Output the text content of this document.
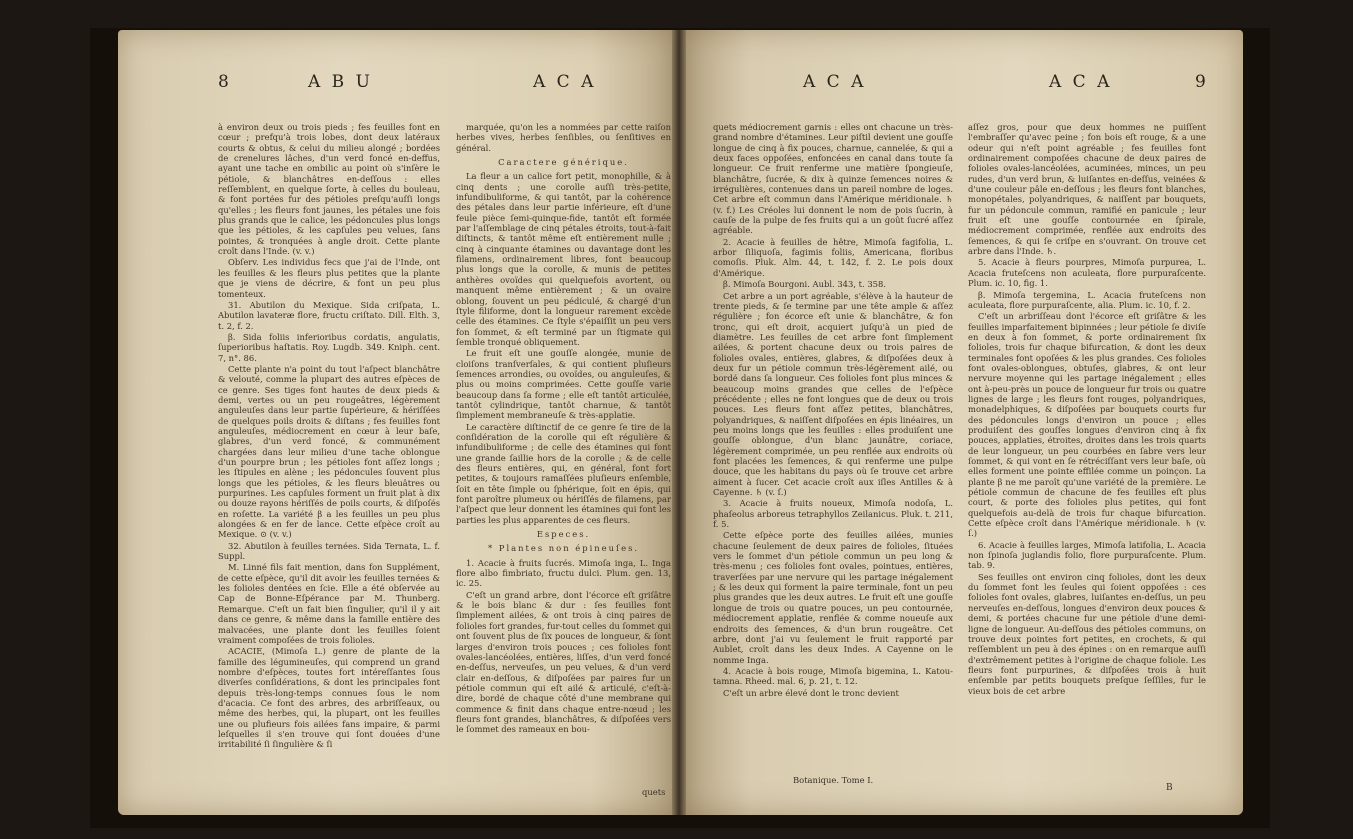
8	A B U	A C A

à environ deux ou trois pieds ; fes feuilles font en cœur ; prefqu'à trois lobes, dont deux latéraux courts & obtus, & celui du milieu alongé ; bordées de crenelures lâches, d'un verd foncé en-deffus, ayant une tache en ombilic au point où s'inſère le pétiole, & blanchâtres en-deſſous : elles reſſemblent, en quelque ſorte, à celles du bouleau, & font portées fur des pétioles preſqu'auſſi longs qu'elles ; les fleurs font jaunes, les pétales une fois plus grands que le calice, les pédoncules plus longs que les pétioles, & les capſules peu velues, ſans pointes, & tronquées à angle droit. Cette plante croît dans l'Inde. (v. v.)

Obſerv. Les individus fecs que j'ai de l'Inde, ont les feuilles & les fleurs plus petites que la plante que je viens de décrire, & font un peu plus tomenteux.

31. Abutilon du Mexique. Sida criſpata, L. Abutilon lavateræ flore, fructu criſtato. Dill. Elth. 3, t. 2, f. 2.

β. Sida foliis inferioribus cordatis, angulatis, ſuperioribus haſtatis. Roy. Lugdb. 349. Kniph. cent. 7, n°. 86.

Cette plante n'a point du tout l'aſpect blanchâtre & velouté, comme la plupart des autres eſpèces de ce genre. Ses tiges font hautes de deux pieds & demi, vertes ou un peu rougeâtres, légèrement anguleuſes dans leur partie ſupérieure, & hériſſées de quelques poils droits & diſtans ; fes feuilles font anguleuſes, médiocrement en cœur à leur baſe, glabres, d'un verd foncé, & communément chargées dans leur milieu d'une tache oblongue d'un pourpre brun ; les pétioles font aſſez longs ; les ſtipules en alène ; les pédoncules ſouvent plus longs que les pétioles, & les fleurs bleuâtres ou purpurines. Les capſules forment un fruit plat à dix ou douze rayons hériſſés de poils courts, & diſpoſés en roſette. La variété β a les feuilles un peu plus alongées & en fer de lance. Cette eſpèce croît au Mexique. ⊙ (v. v.)

32. Abutilon à feuilles ternées. Sida Ternata, L. f. Suppl.

M. Linné fils fait mention, dans fon Supplément, de cette eſpèce, qu'il dit avoir les feuilles ternées & les folioles dentées en ſcie. Elle a été obſervée au Cap de Bonne-Eſpérance par M. Thunberg. Remarque. C'eſt un fait bien ſingulier, qu'il il y ait dans ce genre, & même dans la famille entière des malvacées, une plante dont les feuilles ſoient vraiment compoſées de trois folioles.

ACACIE, (Mimoſa L.) genre de plante de la famille des légumineuſes, qui comprend un grand nombre d'eſpèces, toutes fort intéreſſantes ſous diverſes conſidérations, & dont les principales font depuis très-long-temps connues ſous le nom d'acacia. Ce font des arbres, des arbriſſeaux, ou même des herbes, qui, la plupart, ont les feuilles une ou plufieurs fois ailées fans impaire, & parmi leſquelles il s'en trouve qui ſont douées d'une irritabilité ſi ſingulière & ſi

marquée, qu'on les a nommées par cette raiſon herbes vives, herbes ſenſibles, ou ſenſitives en général.

Caractere générique.

La fleur a un calice fort petit, monophille, & à cinq dents ; une corolle auſſi très-petite, infundibuliforme, & qui tantôt, par la cohérence des pétales dans leur partie inférieure, eſt d'une feule pièce ſemi-quinque-fide, tantôt eſt formée par l'aſſemblage de cinq pétales étroits, tout-à-fait diſtincts, & tantôt même eſt entièrement nulle ; cinq à cinquante étamines ou davantage dont les filamens, ordinairement libres, font beaucoup plus longs que la corolle, & munis de petites anthères ovoïdes qui quelquefois avortent, ou manquent même entièrement ; & un ovaire oblong, ſouvent un peu pédiculé, & chargé d'un ſtyle filiforme, dont la longueur rarement excède celle des étamines. Ce ſtyle s'épaiſſit un peu vers fon ſommet, & eſt terminé par un ſtigmate qui ſemble tronqué obliquement.

Le fruit eſt une gouſſe alongée, munie de cloiſons tranſverſales, & qui contient pluſieurs ſemences arrondies, ou ovoïdes, ou anguleuſes, & plus ou moins comprimées. Cette gouſſe varie beaucoup dans ſa forme ; elle eſt tantôt articulée, tantôt cylindrique, tantôt charnue, & tantôt ſimplement membraneuſe & très-applatie.

Le caractère diſtinctif de ce genre ſe tire de la conſidération de la corolle qui eſt régulière & infundibuliforme ; de celle des étamines qui font une grande ſaillie hors de la corolle ; & de celle des fleurs entières, qui, en général, font fort petites, & toujours ramaſſées pluſieurs enſemble, ſoit en tête ſimple ou ſphérique, ſoit en épis, qui font paroître plumeux ou hériſſés de filamens, par l'aſpect que leur donnent les étamines qui font les parties les plus apparentes de ces fleurs.

Especes.

* Plantes non épineuſes.

1. Acacie à fruits ſucrés. Mimoſa inga, L. Inga flore albo fimbriato, fructu dulci. Plum. gen. 13, ic. 25.

C'eſt un grand arbre, dont l'écorce eſt griſâtre & le bois blanc & dur : ſes feuilles font ſimplement ailées, & ont trois à cinq paires de folioles fort grandes, fur-tout celles du ſommet qui ont ſouvent plus de ſix pouces de longueur, & ſont larges d'environ trois pouces ; ces folioles font ovales-lancéolées, entières, liſſes, d'un verd foncé en-deſſus, nerveuſes, un peu velues, & d'un verd clair en-deſſous, & diſpoſées par paires fur un pétiole commun qui eſt ailé & articulé, c'eſt-à-dire, bordé de chaque côté d'une membrane qui commence & finit dans chaque entre-nœud ; les fleurs font grandes, blanchâtres, & diſpoſées vers le ſommet des rameaux en bou-

quets
A C A	A C A	9

quets médiocrement garnis : elles ont chacune un très-grand nombre d'étamines. Leur piſtil devient une gouſſe longue de cinq à fix pouces, charnue, cannelée, & qui a deux faces oppoſées, enfoncées en canal dans toute ſa longueur. Ce fruit renferme une matière ſpongieuſe, blanchâtre, ſucrée, & dix à quinze ſemences noires & irrégulières, contenues dans un pareil nombre de loges. Cet arbre eſt commun dans l'Amérique méridionale. ♄ (v. f.) Les Créoles lui donnent le nom de pois ſucrin, à cauſe de la pulpe de fes fruits qui a un goût ſucré aſſez agréable.

2. Acacie à feuilles de hêtre, Mimoſa fagifolia, L. arbor ſiliquoſa, fagimis foliis, Americana, floribus comoſis. Pluk. Alm. 44, t. 142, f. 2. Le pois doux d'Amérique.

β. Mimoſa Bourgoni. Aubl. 343, t. 358.

Cet arbre a un port agréable, s'élève à la hauteur de trente pieds, & ſe termine par une tête ample & aſſez régulière ; fon écorce eſt unie & blanchâtre, & fon tronc, qui eſt droit, acquiert juſqu'à un pied de diamètre. Les feuilles de cet arbre font ſimplement ailées, & portent chacune deux ou trois paires de folioles ovales, entières, glabres, & diſpoſées deux à deux fur un pétiole commun très-légèrement ailé, ou bordé dans ſa longueur. Ces folioles font plus minces & beaucoup moins grandes que celles de l'eſpèce précédente ; elles ne font longues que de deux ou trois pouces. Les fleurs font aſſez petites, blanchâtres, polyandriques, & naiſſent diſpoſées en épis linéaires, un peu moins longs que les feuilles : elles produiſent une gouſſe oblongue, d'un blanc jaunâtre, coriace, légèrement comprimée, un peu renflée aux endroits où font placées les ſemences, & qui renferme une pulpe douce, que les habitans du pays où ſe trouve cet arbre aiment à ſucer. Cet acacie croît aux iſles Antilles & à Cayenne. ♄ (v. ſ.)

3. Acacie à fruits noueux, Mimoſa nodoſa, L. phaſeolus arboreus tetraphyllos Zeilanicus. Pluk. t. 211, f. 5.

Cette eſpèce porte des feuilles ailées, munies chacune ſeulement de deux paires de folioles, ſituées vers le ſommet d'un pétiole commun un peu long & très-menu ; ces folioles font ovales, pointues, entières, traverſées par une nervure qui les partage inégalement ; & les deux qui forment la paire terminale, font un peu plus grandes que les deux autres. Le fruit eſt une gouſſe longue de trois ou quatre pouces, un peu contournée, médiocrement applatie, renflée & comme noueuſe aux endroits des ſemences, & d'un brun rougeâtre. Cet arbre, dont j'ai vu ſeulement le fruit rapporté par Aublet, croît dans les deux Indes. A Cayenne on le nomme Inga.

4. Acacie à bois rouge, Mimoſa bigemina, L. Katou-tamna. Rheed. mal. 6, p. 21, t. 12.

C'eſt un arbre élevé dont le tronc devient

aſſez gros, pour que deux hommes ne puiſſent l'embraſſer qu'avec peine ; fon bois eſt rouge, & a une odeur qui n'eſt point agréable ; fes feuilles font ordinairement compoſées chacune de deux paires de folioles ovales-lancéolées, acuminées, minces, un peu rudes, d'un verd brun, & luiſantes en-deſſus, veinées & d'une couleur pâle en-deſſous ; les fleurs font blanches, monopétales, polyandriques, & naiſſent par bouquets, fur un pédoncule commun, ramifié en panicule ; leur fruit eſt une gouſſe contournée en ſpirale, médiocrement comprimée, renflée aux endroits des ſemences, & qui ſe criſpe en s'ouvrant. On trouve cet arbre dans l'Inde. ♄.

5. Acacie à fleurs pourpres, Mimoſa purpurea, L. Acacia fruteſcens non aculeata, flore purpuraſcente. Plum. ic. 10, fig. 1.

β. Mimoſa tergemina, L. Acacia fruteſcens non aculeata, flore purpuraſcente, alia. Plum. ic. 10, f. 2.

C'eſt un arbriſſeau dont l'écorce eſt griſâtre & les feuilles imparfaitement bipinnées ; leur pétiole ſe diviſe en deux à fon ſommet, & porte ordinairement ſix folioles, trois fur chaque bifurcation, & dont les deux terminales font opoſées & les plus grandes. Ces folioles font ovales-oblongues, obtuſes, glabres, & ont leur nervure moyenne qui les partage inégalement ; elles ont à-peu-près un pouce de longueur fur trois ou quatre lignes de large ; les fleurs font rouges, polyandriques, monadelphiques, & diſpoſées par bouquets courts fur des pédoncules longs d'environ un pouce ; elles produiſent des gouſſes longues d'environ cinq à fix pouces, applaties, étroites, droites dans les trois quarts de leur longueur, un peu courbées en ſabre vers leur ſommet, & qui vont en ſe rétréciſſant vers leur baſe, où elles forment une pointe effilée comme un poinçon. La plante β ne me paroît qu'une variété de la première. Le pétiole commun de chacune de fes feuilles eſt plus court, & porte des folioles plus petites, qui font quelquefois au-delà de trois fur chaque bifurcation. Cette eſpèce croît dans l'Amérique méridionale. ♄ (v. ſ.)

6. Acacie à feuilles larges, Mimoſa latifolia, L. Acacia non ſpinoſa juglandis folio, flore purpuraſcente. Plum. tab. 9.

Ses feuilles ont environ cinq folioles, dont les deux du ſommet font les ſeules qui ſoient oppoſées : ces folioles font ovales, glabres, luiſantes en-deſſus, un peu nerveuſes en-deſſous, longues d'environ deux pouces & demi, & portées chacune fur une pétiole d'une demi-ligne de longueur. Au-deſſous des pétioles communs, on trouve deux pointes fort petites, en crochets, & qui reſſemblent un peu à des épines : on en remarque auſſi d'extrêmement petites à l'origine de chaque foliole. Les fleurs font purpurines, & diſpoſées trois à huit enſemble par petits bouquets preſque ſeſſiles, fur le vieux bois de cet arbre

Botanique. Tome I.
B
